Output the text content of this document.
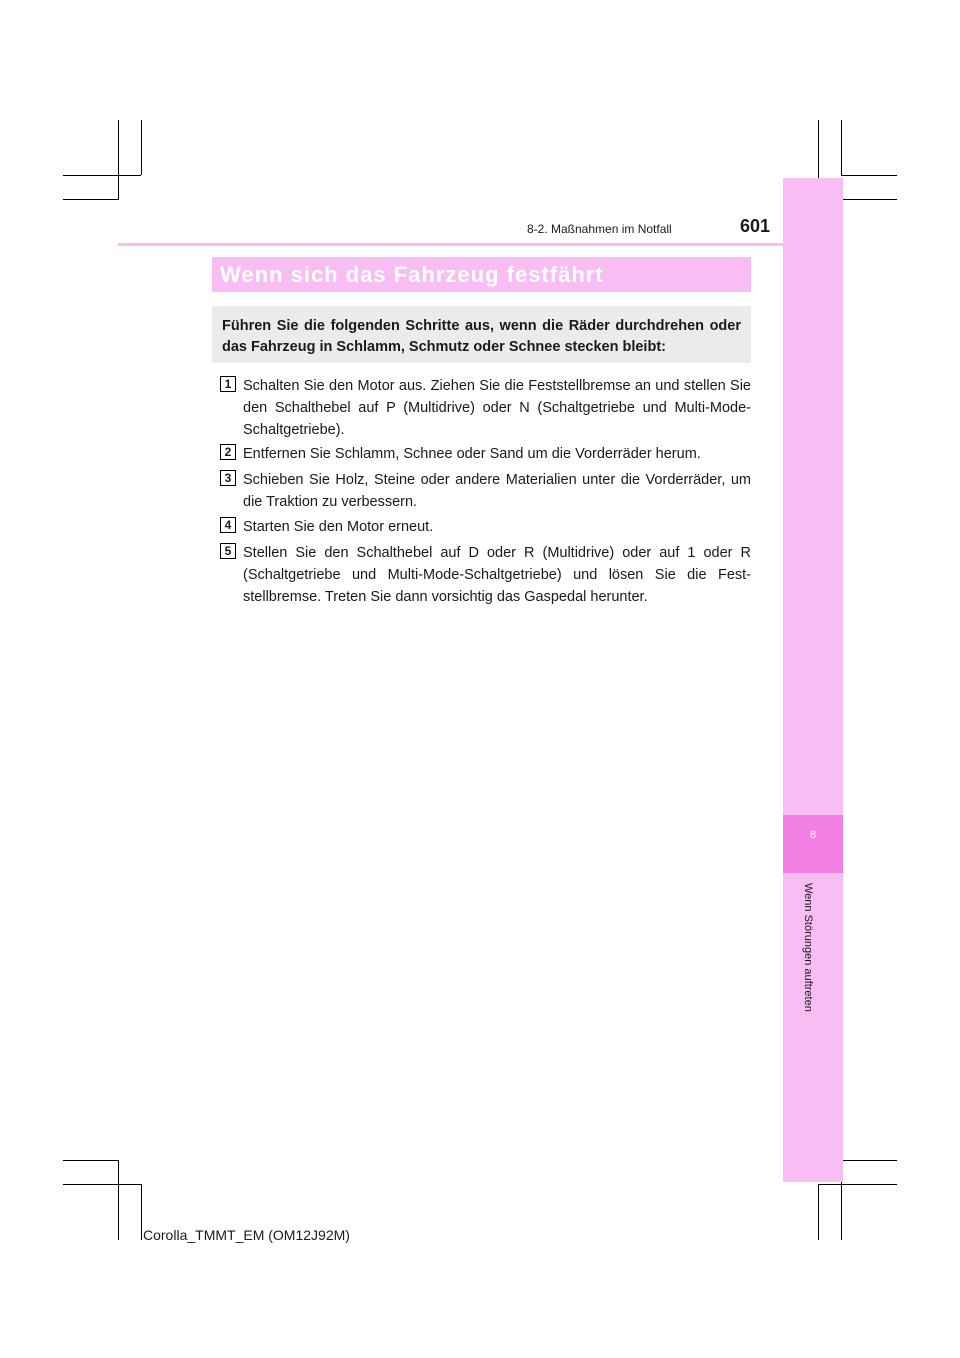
8
Wenn Störungen auftreten
8-2. Maßnahmen im Notfall	601
Wenn sich das Fahrzeug festfährt
Führen Sie die folgenden Schritte aus, wenn die Räder durchdrehen oder das Fahrzeug in Schlamm, Schmutz oder Schnee stecken bleibt:
1 Schalten Sie den Motor aus. Ziehen Sie die Feststellbremse an und stellen Sie den Schalthebel auf P (Multidrive) oder N (Schaltgetriebe und Multi-Mode-Schaltgetriebe).
2 Entfernen Sie Schlamm, Schnee oder Sand um die Vorderräder herum.
3 Schieben Sie Holz, Steine oder andere Materialien unter die Vorderräder, um die Traktion zu verbessern.
4 Starten Sie den Motor erneut.
5 Stellen Sie den Schalthebel auf D oder R (Multidrive) oder auf 1 oder R (Schaltgetriebe und Multi-Mode-Schaltgetriebe) und lösen Sie die Fest-stellbremse. Treten Sie dann vorsichtig das Gaspedal herunter.
Corolla_TMMT_EM (OM12J92M)
